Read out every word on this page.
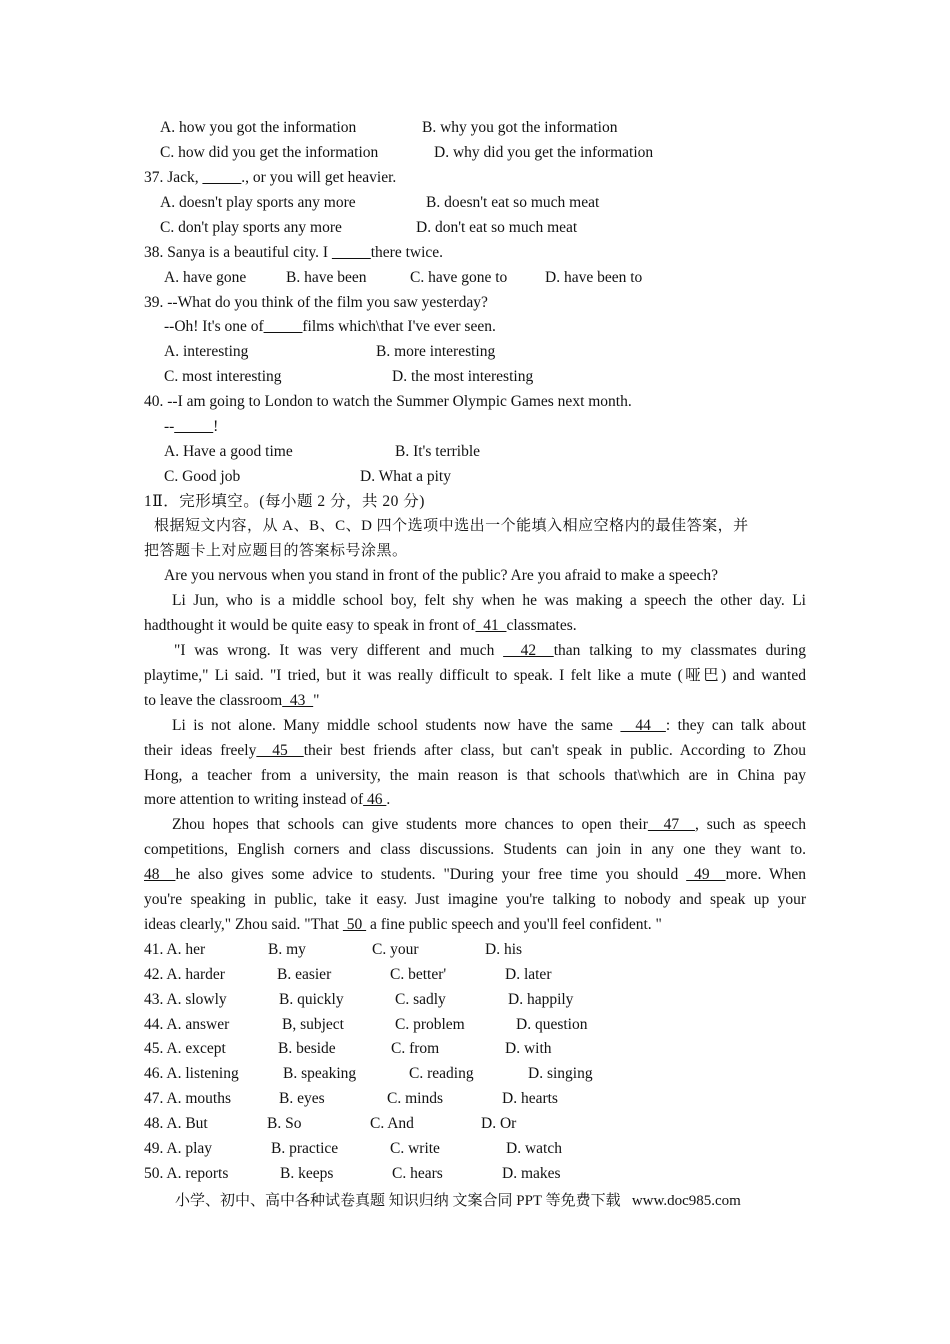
A. how you got the information	B. why you got the information
C. how did you get the information	D. why did you get the information
37. Jack, _____., or you will get heavier.
A. doesn't play sports any more	B. doesn't eat so much meat
C. don't play sports any more	D. don't eat so much meat
38. Sanya is a beautiful city. I _____there twice.
A. have gone	B. have been	C. have gone to D. have been to
39. --What do you think of the film you saw yesterday?
--Oh! It's one of_____films which\that I've ever seen.
A. interesting	B. more interesting
C. most interesting	D. the most interesting
40. --I am going to London to watch the Summer Olympic Games next month.
--_____!
A. Have a good time	B. It's terrible
C. Good job	D. What a pity
1Ⅱ．完形填空。(每小题 2 分，共 20 分)
根据短文内容，从 A、B、C、D 四个选项中选出一个能填入相应空格内的最佳答案，并
把答题卡上对应题目的答案标号涂黑。
Are you nervous when you stand in front of the public? Are you afraid to make a speech?
Li Jun, who is a middle school boy, felt shy when he was making a speech the other day. Li
hadthought it would be quite easy to speak in front of  41  classmates.
"I was wrong. It was very different and much   42  than talking to my classmates during
playtime," Li said. "I tried, but it was really difficult to speak. I felt like a mute (哑巴) and wanted
to leave the classroom  43  "
Li is not alone. Many middle school students now have the same   44  : they can talk about
their ideas freely  45  their best friends after class, but can't speak in public. According to Zhou
Hong, a teacher from a university, the main reason is that schools that\which are in China pay
more attention to writing instead of 46 .
Zhou hopes that schools can give students more chances to open their  47  , such as speech
competitions, English corners and class discussions. Students can join in any one they want to.
48  he also gives some advice to students. "During your free time you should  49  more. When
you're speaking in public, take it easy. Just imagine you're talking to nobody and speak up your
ideas clearly," Zhou said. "That  50  a fine public speech and you'll feel confident. "
41. A. her	B. my	C. your	D. his
42. A. harder	B. easier	C. better'	D. later
43. A. slowly	B. quickly	C. sadly	D. happily
44. A. answer	B, subject	C. problem	D. question
45. A. except	B. beside	C. from	D. with
46. A. listening	B. speaking	C. reading	D. singing
47. A. mouths	B. eyes	C. minds	D. hearts
48. A. But	B. So	C. And	D. Or
49. A. play	B. practice	C. write	D. watch
50. A. reports	B. keeps	C. hears	D. makes
小学、初中、高中各种试卷真题 知识归纳 文案合同 PPT 等免费下载   www.doc985.com
